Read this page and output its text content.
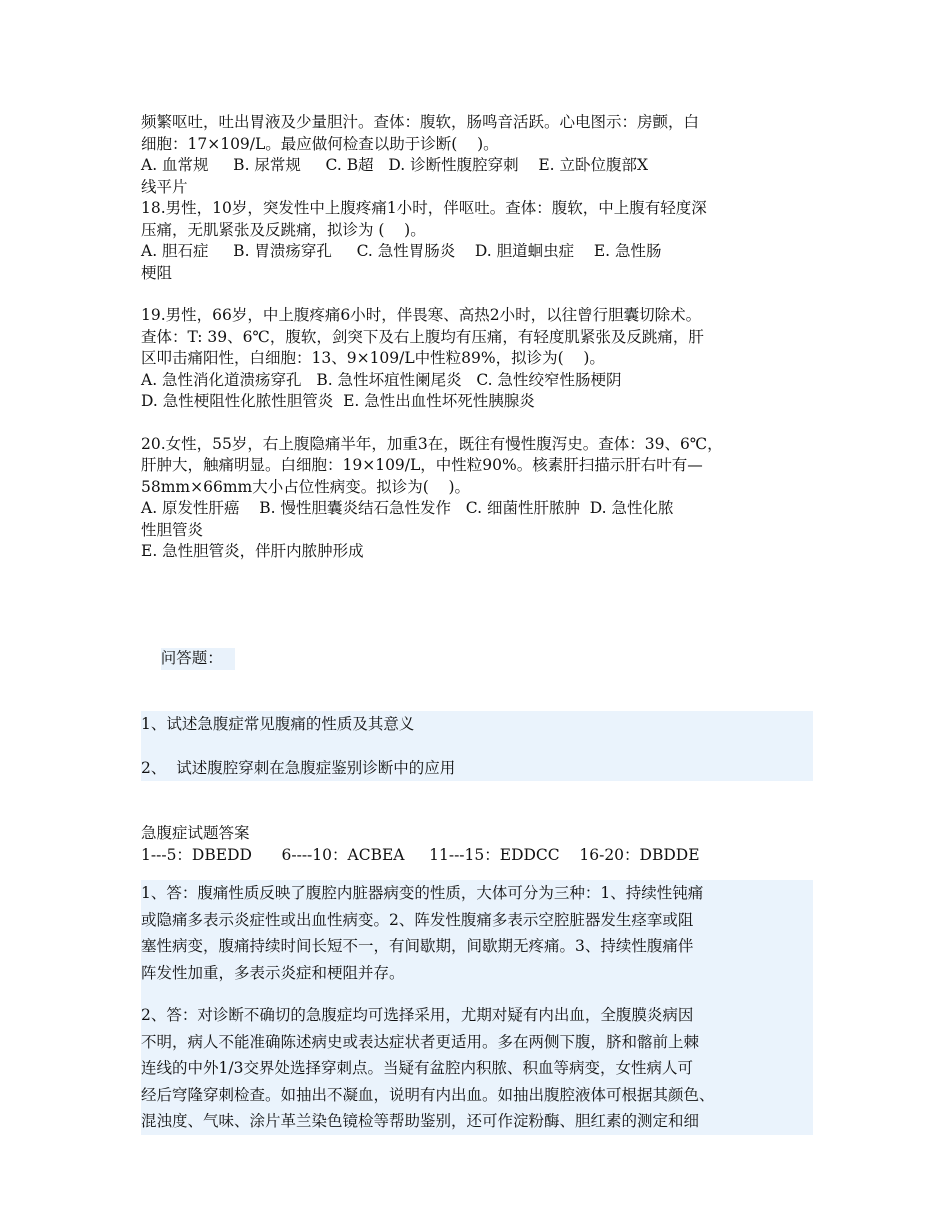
频繁呕吐，吐出胃液及少量胆汁。查体：腹软，肠鸣音活跃。心电图示：房颤，白
细胞：17×109/L。最应做何检查以助于诊断(    )。
A. 血常规     B. 尿常规     C. B超   D. 诊断性腹腔穿刺    E. 立卧位腹部X
线平片
18.男性，10岁，突发性中上腹疼痛1小时，伴呕吐。查体：腹软，中上腹有轻度深
压痛，无肌紧张及反跳痛，拟诊为 (    )。
A. 胆石症     B. 胃溃疡穿孔     C. 急性胃肠炎    D. 胆道蛔虫症    E. 急性肠
梗阻
19.男性，66岁，中上腹疼痛6小时，伴畏寒、高热2小时，以往曾行胆囊切除术。
查体：T: 39、6℃，腹软，剑突下及右上腹均有压痛，有轻度肌紧张及反跳痛，肝
区叩击痛阳性，白细胞：13、9×109/L中性粒89%，拟诊为(    )。
A. 急性消化道溃疡穿孔   B. 急性坏疽性阑尾炎   C. 急性绞窄性肠梗阴
D. 急性梗阻性化脓性胆管炎  E. 急性出血性坏死性胰腺炎
20.女性，55岁，右上腹隐痛半年，加重3在，既往有慢性腹泻史。查体：39、6℃，
肝肿大，触痛明显。白细胞：19×109/L，中性粒90%。核素肝扫描示肝右叶有—
58mm×66mm大小占位性病变。拟诊为(    )。
A. 原发性肝癌    B. 慢性胆囊炎结石急性发作   C. 细菌性肝脓肿  D. 急性化脓
性胆管炎
E. 急性胆管炎，伴肝内脓肿形成

问答题：

1、试述急腹症常见腹痛的性质及其意义
2、  试述腹腔穿刺在急腹症鉴别诊断中的应用
急腹症试题答案
1---5：DBEDD      6----10：ACBEA     11---15：EDDCC    16-20：DBDDE
1、答：腹痛性质反映了腹腔内脏器病变的性质，大体可分为三种：1、持续性钝痛
或隐痛多表示炎症性或出血性病变。2、阵发性腹痛多表示空腔脏器发生痉挛或阻
塞性病变，腹痛持续时间长短不一，有间歇期，间歇期无疼痛。3、持续性腹痛伴
阵发性加重，多表示炎症和梗阻并存。
2、答：对诊断不确切的急腹症均可选择采用，尤期对疑有内出血，全腹膜炎病因
不明，病人不能准确陈述病史或表达症状者更适用。多在两侧下腹，脐和髂前上棘
连线的中外1/3交界处选择穿刺点。当疑有盆腔内积脓、积血等病变，女性病人可
经后穹隆穿刺检查。如抽出不凝血，说明有内出血。如抽出腹腔液体可根据其颜色、
混浊度、气味、涂片革兰染色镜检等帮助鉴别，还可作淀粉酶、胆红素的测定和细
